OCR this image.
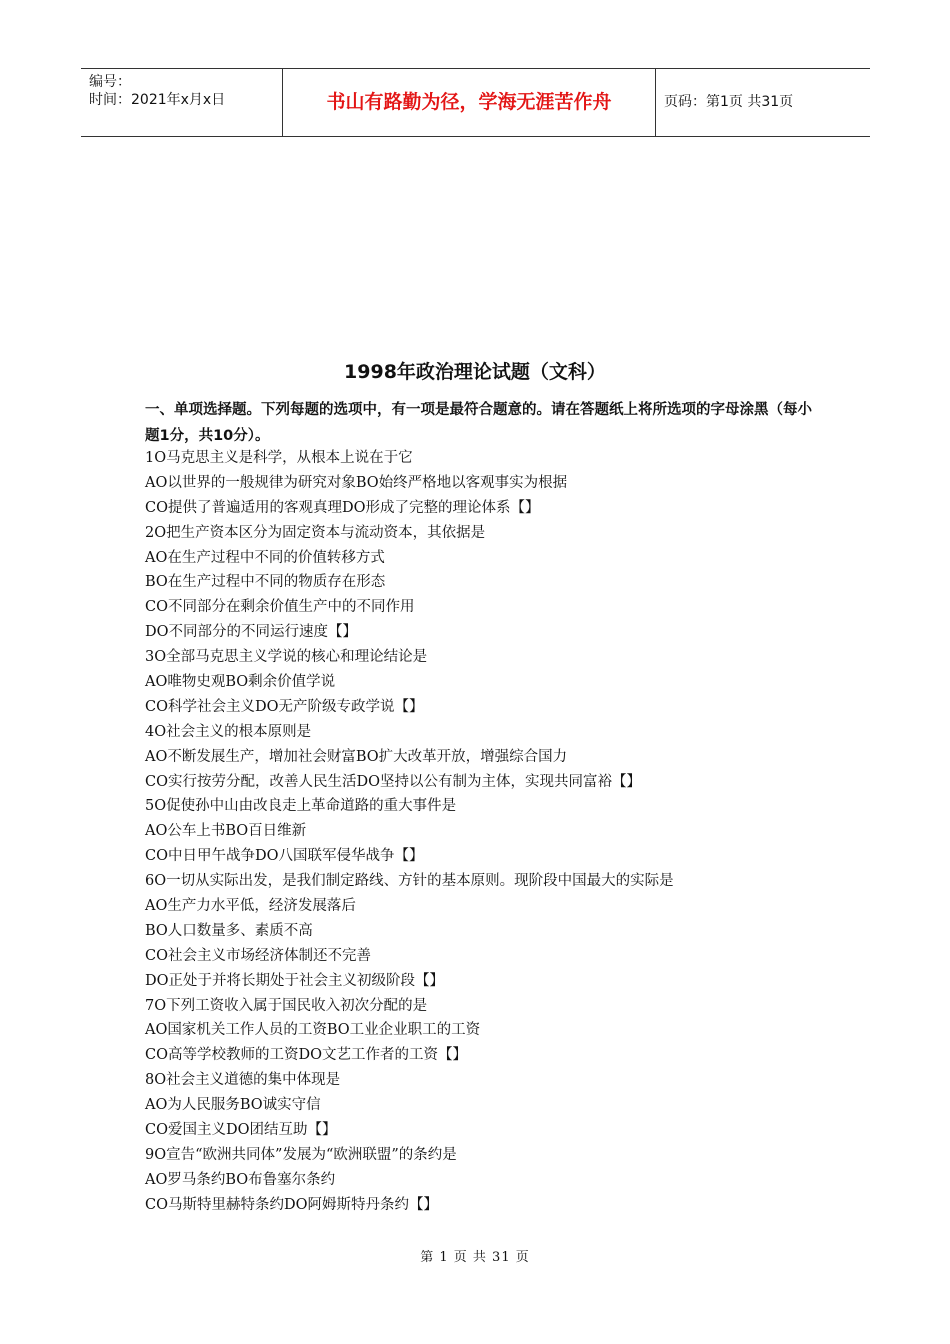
编号：
时间：2021年x月x日	书山有路勤为径，学海无涯苦作舟	页码：第1页 共31页
1998年政治理论试题（文科）
一、单项选择题。下列每题的选项中，有一项是最符合题意的。请在答题纸上将所选项的字母涂黑（每小题1分，共10分）。
1O马克思主义是科学，从根本上说在于它
AO以世界的一般规律为研究对象BO始终严格地以客观事实为根据
CO提供了普遍适用的客观真理DO形成了完整的理论体系【】
2O把生产资本区分为固定资本与流动资本，其依据是
AO在生产过程中不同的价值转移方式
BO在生产过程中不同的物质存在形态
CO不同部分在剩余价值生产中的不同作用
DO不同部分的不同运行速度【】
3O全部马克思主义学说的核心和理论结论是
AO唯物史观BO剩余价值学说
CO科学社会主义DO无产阶级专政学说【】
4O社会主义的根本原则是
AO不断发展生产，增加社会财富BO扩大改革开放，增强综合国力
CO实行按劳分配，改善人民生活DO坚持以公有制为主体，实现共同富裕【】
5O促使孙中山由改良走上革命道路的重大事件是
AO公车上书BO百日维新
CO中日甲午战争DO八国联军侵华战争【】
6O一切从实际出发，是我们制定路线、方针的基本原则。现阶段中国最大的实际是
AO生产力水平低，经济发展落后
BO人口数量多、素质不高
CO社会主义市场经济体制还不完善
DO正处于并将长期处于社会主义初级阶段【】
7O下列工资收入属于国民收入初次分配的是
AO国家机关工作人员的工资BO工业企业职工的工资
CO高等学校教师的工资DO文艺工作者的工资【】
8O社会主义道德的集中体现是
AO为人民服务BO诚实守信
CO爱国主义DO团结互助【】
9O宣告“欧洲共同体”发展为“欧洲联盟”的条约是
AO罗马条约BO布鲁塞尔条约
CO马斯特里赫特条约DO阿姆斯特丹条约【】
第 1 页 共 31 页
